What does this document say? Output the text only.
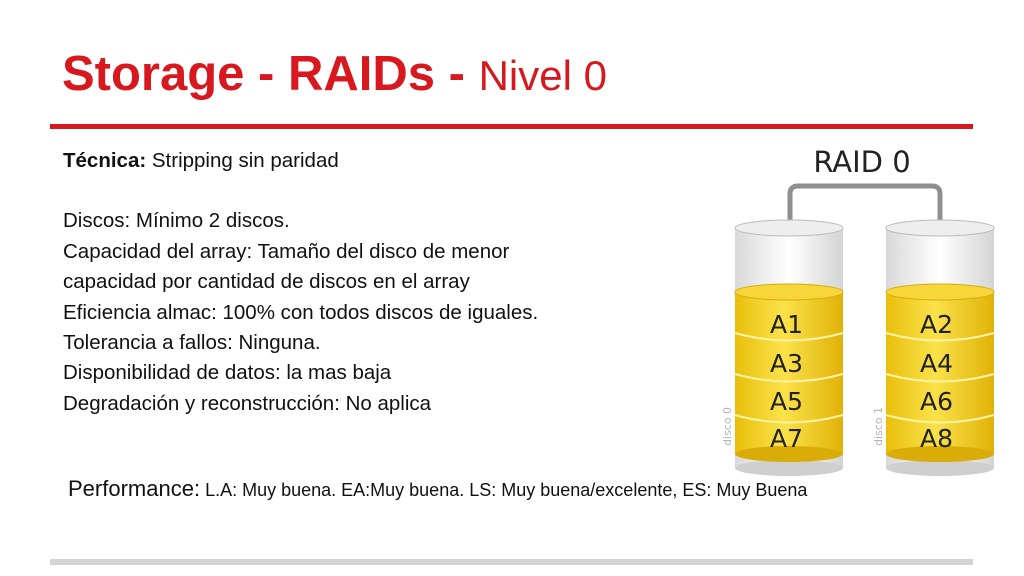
Storage - RAIDs - Nivel 0
Técnica: Stripping sin paridad
Discos: Mínimo 2 discos.
Capacidad del array: Tamaño del disco de menor
capacidad por cantidad de discos en el array
Eficiencia almac: 100% con todos discos de iguales.
Tolerancia a fallos: Ninguna.
Disponibilidad de datos: la mas baja
Degradación y reconstrucción: No aplica
RAID 0
A1
A3
A5
A7
disco 0
A2
A4
A6
A8
disco 1
Performance: L.A: Muy buena. EA:Muy buena. LS: Muy buena/excelente, ES: Muy Buena
